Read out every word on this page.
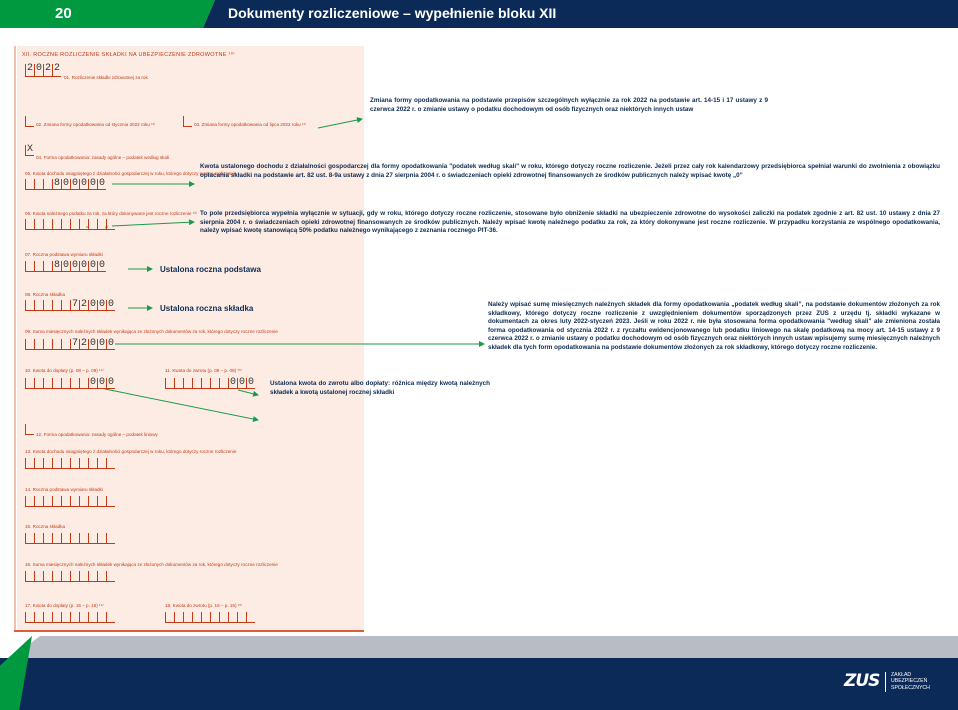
20	Dokumenty rozliczeniowe – wypełnienie bloku XII
XII. ROCZNE ROZLICZENIE SKŁADKI NA UBEZPIECZENIE ZDROWOTNE ¹⁰⁾
2 0 2 2
01. Rozliczenie składki zdrowotnej za rok
02. Zmiana formy opodatkowania od stycznia 2022 roku ¹¹⁾	03. Zmiana formy opodatkowania od lipca 2022 roku ¹¹⁾
X
04. Forma opodatkowania: zasady ogólne – podatek według skali
05. Kwota dochodu osiągniętego z działalności gospodarczej w roku, którego dotyczy roczne rozliczenie
8 0 0 0 0 0
06. Kwota należnego podatku za rok, za który dokonywane jest roczne rozliczenie ¹³⁾
zł	gr
07. Roczna podstawa wymiaru składki
8 0 0 0 0 0
08. Roczna składka
7 2 0 0 0
09. Suma miesięcznych należnych składek wynikająca ze złożonych dokumentów za rok, którego dotyczy roczne rozliczenie
7 2 0 0 0
10. Kwota do dopłaty (p. 08 – p. 09) ¹⁴⁾
0 0 0
11. Kwota do zwrotu (p. 09 – p. 08) ¹⁵⁾
0 0 0
12. Forma opodatkowania: zasady ogólne – podatek liniowy
13. Kwota dochodu osiągniętego z działalności gospodarczej w roku, którego dotyczy roczne rozliczenie
14. Roczna podstawa wymiaru składki
15. Roczna składka
16. Suma miesięcznych należnych składek wynikająca ze złożonych dokumentów za rok, którego dotyczy roczne rozliczenie
17. Kwota do dopłaty (p. 15 – p. 16) ¹⁴⁾	18. Kwota do zwrotu (p. 16 – p. 15) ¹⁵⁾
Zmiana formy opodatkowania na podstawie przepisów szczególnych wyłącznie za rok 2022 na podstawie art. 14-15 i 17 ustawy z 9 czerwca 2022 r. o zmianie ustawy o podatku dochodowym od osób fizycznych oraz niektórych innych ustaw
Kwota ustalonego dochodu z działalności gospodarczej dla formy opodatkowania "podatek według skali" w roku, którego dotyczy roczne rozliczenie. Jeżeli przez cały rok kalendarzowy przedsiębiorca spełniał warunki do zwolnienia z obowiązku opłacania składki na podstawie art. 82 ust. 8-9a ustawy z dnia 27 sierpnia 2004 r. o świadczeniach opieki zdrowotnej finansowanych ze środków publicznych należy wpisać kwotę „0”
To pole przedsiębiorca wypełnia wyłącznie w sytuacji, gdy w roku, którego dotyczy roczne rozliczenie, stosowane było obniżenie składki na ubezpieczenie zdrowotne do wysokości zaliczki na podatek zgodnie z art. 82 ust. 10 ustawy z dnia 27 sierpnia 2004 r. o świadczeniach opieki zdrowotnej finansowanych ze środków publicznych. Należy wpisać kwotę należnego podatku za rok, za który dokonywane jest roczne rozliczenie. W przypadku korzystania ze wspólnego opodatkowania, należy wpisać kwotę stanowiącą 50% podatku należnego wynikającego z zeznania rocznego PIT-36.
Ustalona roczna podstawa
Ustalona roczna składka	Należy wpisać sumę miesięcznych należnych składek dla formy opodatkowania „podatek według skali”, na podstawie dokumentów złożonych za rok składkowy, którego dotyczy roczne rozliczenie z uwzględnieniem dokumentów sporządzonych przez ZUS z urzędu tj. składki wykazane w dokumentach za okres luty 2022-styczeń 2023. Jeśli w roku 2022 r. nie była stosowana forma opodatkowania "według skali" ale zmieniona została forma opodatkowania od stycznia 2022 r. z ryczałtu ewidencjonowanego lub podatku liniowego na skalę podatkową na mocy art. 14-15 ustawy z 9 czerwca 2022 r. o zmianie ustawy o podatku dochodowym od osób fizycznych oraz niektórych innych ustaw wpisujemy sumę miesięcznych należnych składek dla tych form opodatkowania na podstawie dokumentów złożonych za rok składkowy, którego dotyczy roczne rozliczenie.
Ustalona kwota do zwrotu albo dopłaty: różnica między kwotą należnych składek a kwotą ustalonej rocznej składki
ZUS ZAKŁAD
UBEZPIECZEŃ
SPOŁECZNYCH
